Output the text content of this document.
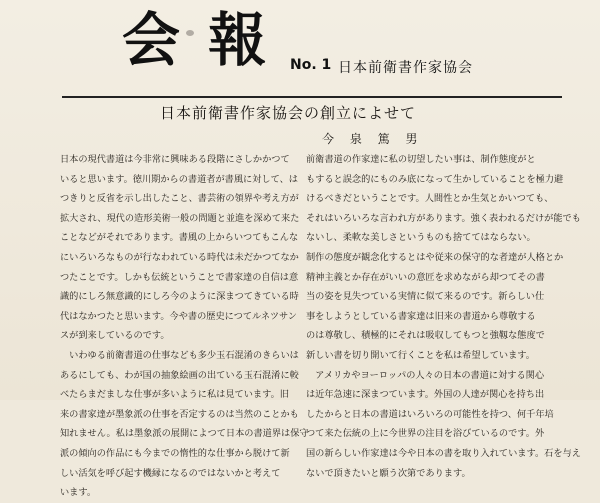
会 報 No. 1 日本前衛書作家協会
日本前衛書作家協会の創立によせて
今 泉 篤 男

日本の現代書道は今非常に興味ある段階にさしかかつて

いると思います。徳川期からの書道者が書風に対して、は

つきりと反省を示し出したこと、書芸術の領界や考え方が

拡大され、現代の造形美術一般の問題と並進を深めて来た

ことなどがそれであります。書風の上からいつてもこんな

にいろいろなものが行なわれている時代は未だかつてなか

つたことです。しかも伝統ということで書家達の自信は意

識的にしろ無意識的にしろ今のように深まつてきている時

代はなかつたと思います。今や書の歴史につてルネツサン

スが到来しているのです。

　いわゆる前衛書道の仕事なども多少玉石混淆のきらいは

あるにしても、わが国の抽象絵画の出ている玉石混淆に較

べたらまだましな仕事が多いように私は見ています。旧

来の書家達が墨象派の仕事を否定するのは当然のことかも

知れません。私は墨象派の展開によつて日本の書道界は保守

派の傾向の作品にも今までの惰性的な仕事から脱けて新

しい活気を呼び起す機縁になるのではないかと考えて

います。

前衛書道の作家達に私の切望したい事は、制作態度がと

もすると誤念的にものみ底になって生かしていることを極力避

けるべきだということです。人間性とか生気とかいつても、

それはいろいろな言われ方があります。強く表われるだけが能でも

ないし、柔軟な美しさというものも捨ててはならない。

制作の態度が観念化するとはや従来の保守的な者達が人格とか

精神主義とか存在がいいの意匠を求めながら却つてその書

当の姿を見失つている実情に似て来るのです。新らしい仕

事をしようとしている書家達は旧来の書道から尊敬する

のは尊敬し、積極的にそれは吸収してもつと強靱な態度で

新しい書を切り開いて行くことを私は希望しています。

　アメリカやヨーロッパの人々の日本の書道に対する関心

は近年急速に深まつています。外国の人達が関心を持ち出

したからと日本の書道はいろいろの可能性を持つ、何千年培

つて来た伝統の上に今世界の注目を浴びているのです。外

国の新らしい作家達は今や日本の書を取り入れています。石を与え

ないで頂きたいと願う次第であります。
